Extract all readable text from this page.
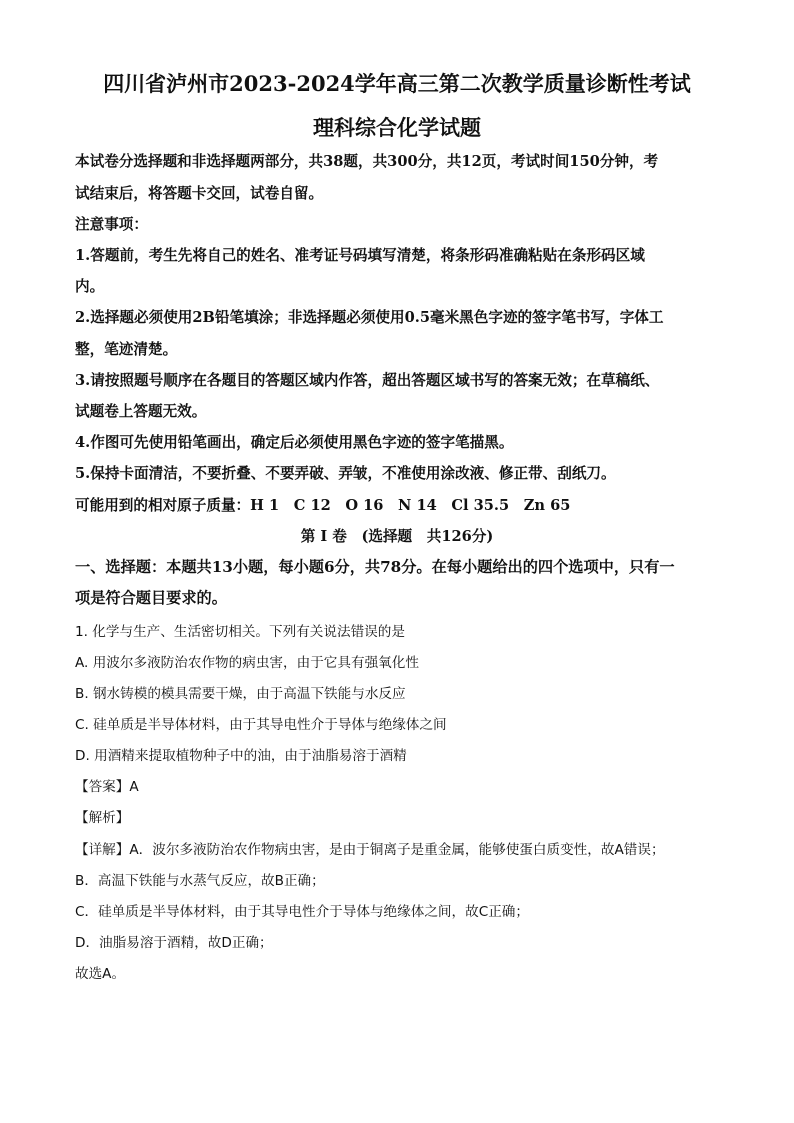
四川省泸州市2023-2024学年高三第二次教学质量诊断性考试
理科综合化学试题
本试卷分选择题和非选择题两部分，共38题，共300分，共12页，考试时间150分钟，考
试结束后，将答题卡交回，试卷自留。
注意事项：
1.答题前，考生先将自己的姓名、准考证号码填写清楚，将条形码准确粘贴在条形码区域
内。
2.选择题必须使用2B铅笔填涂；非选择题必须使用0.5毫米黑色字迹的签字笔书写，字体工
整，笔迹清楚。
3.请按照题号顺序在各题目的答题区域内作答，超出答题区域书写的答案无效；在草稿纸、
试题卷上答题无效。
4.作图可先使用铅笔画出，确定后必须使用黑色字迹的签字笔描黑。
5.保持卡面清洁，不要折叠、不要弄破、弄皱，不准使用涂改液、修正带、刮纸刀。
可能用到的相对原子质量：H 1　C 12　O 16　N 14　Cl 35.5　Zn 65
第 I 卷　(选择题　共126分)
一、选择题：本题共13小题，每小题6分，共78分。在每小题给出的四个选项中，只有一
项是符合题目要求的。
1. 化学与生产、生活密切相关。下列有关说法错误的是
A. 用波尔多液防治农作物的病虫害，由于它具有强氧化性
B. 钢水铸模的模具需要干燥，由于高温下铁能与水反应
C. 硅单质是半导体材料，由于其导电性介于导体与绝缘体之间
D. 用酒精来提取植物种子中的油，由于油脂易溶于酒精
【答案】A
【解析】
【详解】A．波尔多液防治农作物病虫害，是由于铜离子是重金属，能够使蛋白质变性，故A错误；
B．高温下铁能与水蒸气反应，故B正确；
C．硅单质是半导体材料，由于其导电性介于导体与绝缘体之间，故C正确；
D．油脂易溶于酒精，故D正确；
故选A。
